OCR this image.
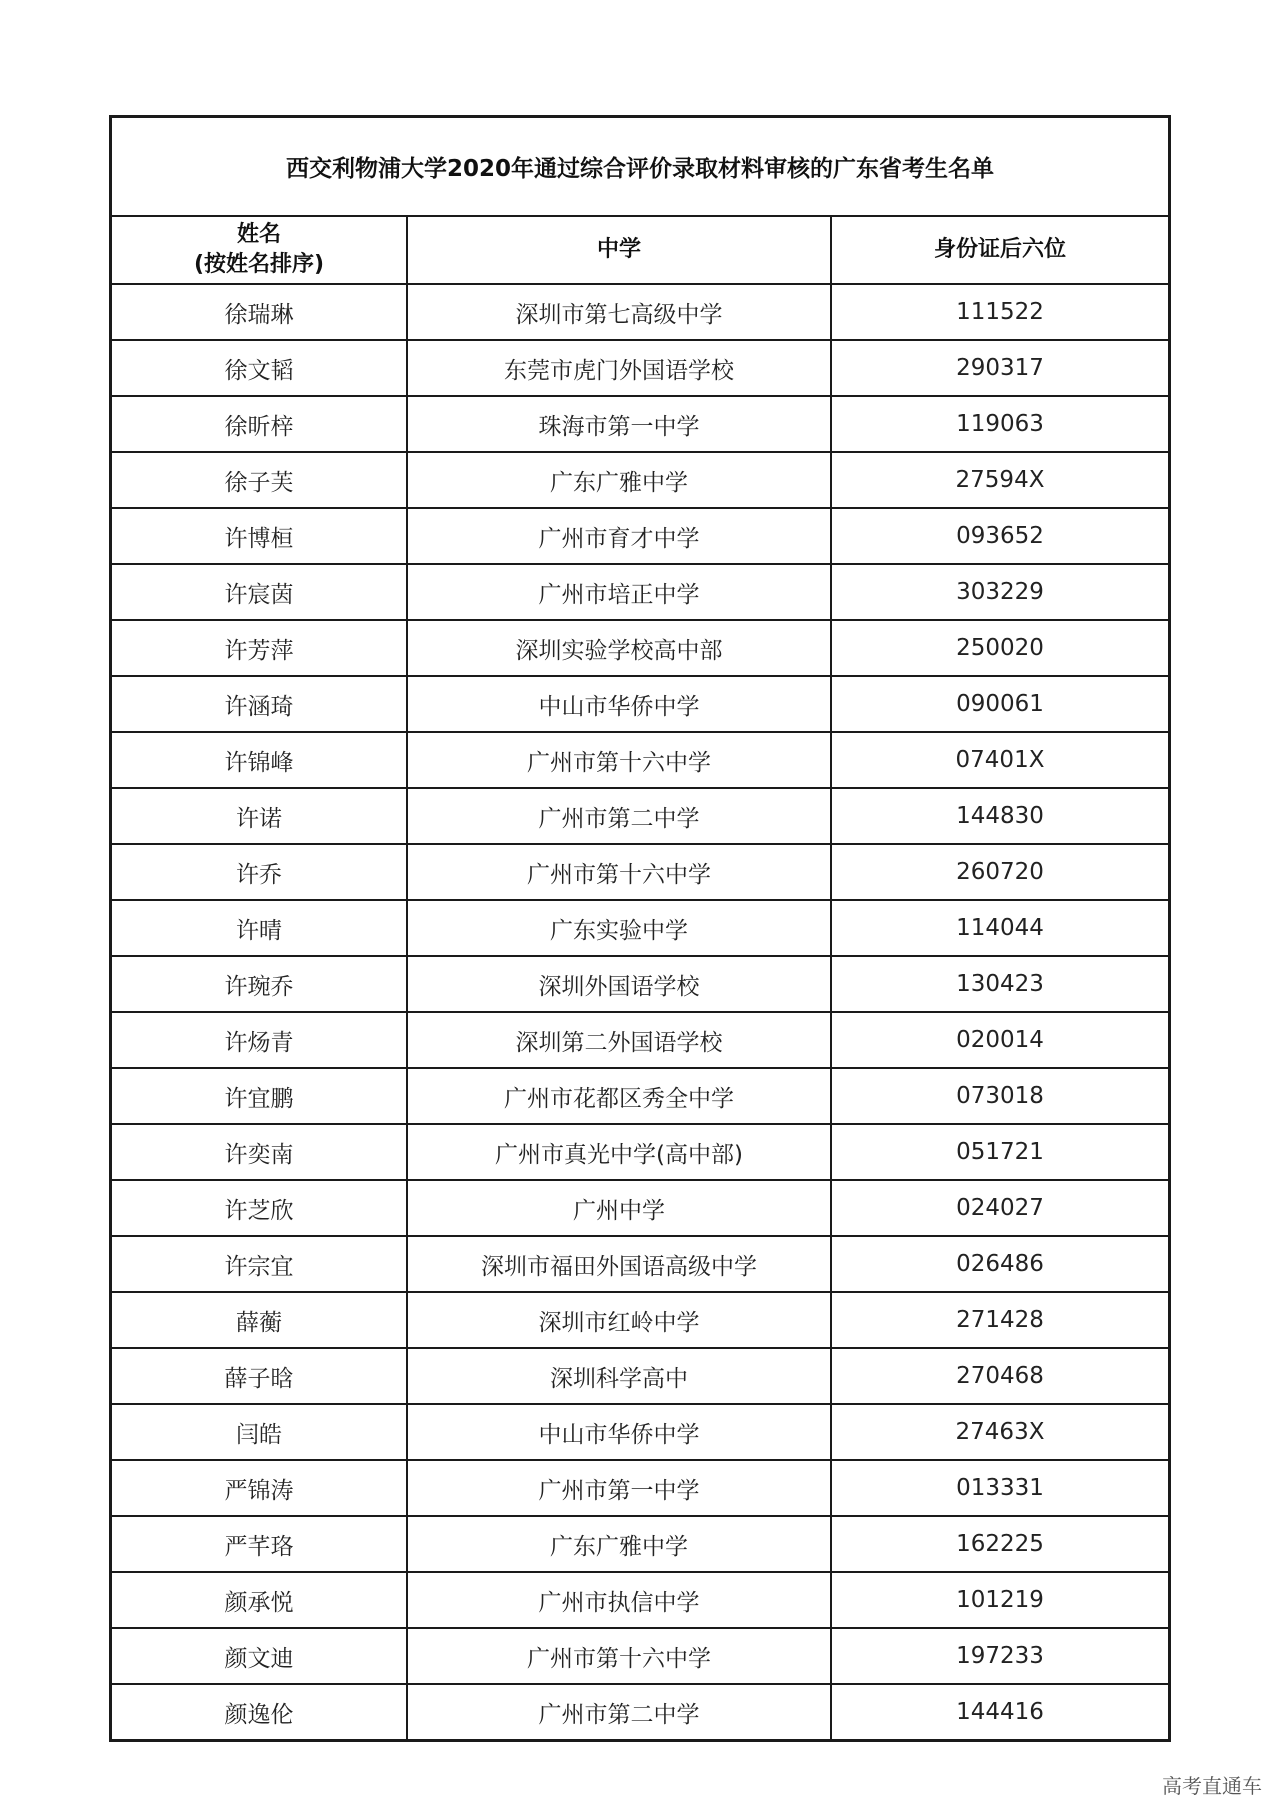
西交利物浦大学2020年通过综合评价录取材料审核的广东省考生名单
姓名
(按姓名排序)
中学	身份证后六位
徐瑞琳	深圳市第七高级中学	111522
徐文韬	东莞市虎门外国语学校	290317
徐昕梓	珠海市第一中学	119063
徐子芙	广东广雅中学	27594X
许博桓	广州市育才中学	093652
许宸茵	广州市培正中学	303229
许芳萍	深圳实验学校高中部	250020
许涵琦	中山市华侨中学	090061
许锦峰	广州市第十六中学	07401X
许诺	广州市第二中学	144830
许乔	广州市第十六中学	260720
许晴	广东实验中学	114044
许琬乔	深圳外国语学校	130423
许炀青	深圳第二外国语学校	020014
许宜鹏	广州市花都区秀全中学	073018
许奕南	广州市真光中学(高中部)	051721
许芝欣	广州中学	024027
许宗宜	深圳市福田外国语高级中学	026486
薛蘅	深圳市红岭中学	271428
薛子晗	深圳科学高中	270468
闫皓	中山市华侨中学	27463X
严锦涛	广州市第一中学	013331
严芊珞	广东广雅中学	162225
颜承悦	广州市执信中学	101219
颜文迪	广州市第十六中学	197233
颜逸伦	广州市第二中学	144416
高考直通车
